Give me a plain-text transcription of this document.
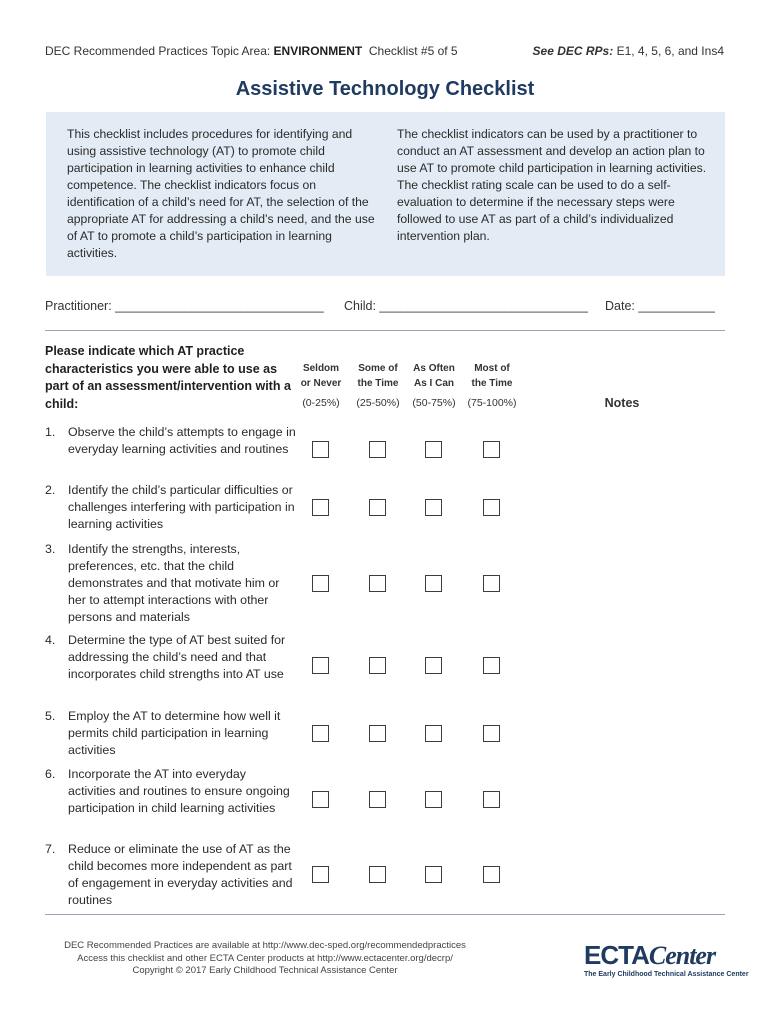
DEC Recommended Practices Topic Area: ENVIRONMENT Checklist #5 of 5	See DEC RPs: E1, 4, 5, 6, and Ins4
Assistive Technology Checklist
This checklist includes procedures for identifying and using assistive technology (AT) to promote child participation in learning activities to enhance child competence. The checklist indicators focus on identification of a child’s need for AT, the selection of the appropriate AT for addressing a child’s need, and the use of AT to promote a child’s participation in learning activities.
The checklist indicators can be used by a practitioner to conduct an AT assessment and develop an action plan to use AT to promote child participation in learning activities. The checklist rating scale can be used to do a self-evaluation to determine if the necessary steps were followed to use AT as part of a child’s individualized intervention plan.
Practitioner: ______________________________ Child: ______________________________ Date: ___________
Please indicate which AT practice characteristics you were able to use as part of an assessment/intervention with a child:
Seldom
or Never
(0-25%)
Some of
the Time
(25-50%)
As Often
As I Can
(50-75%)
Most of
the Time
(75-100%)	Notes
1. Observe the child’s attempts to engage in everyday learning activities and routines
2. Identify the child’s particular difficulties or challenges interfering with participation in learning activities
3. Identify the strengths, interests, preferences, etc. that the child demonstrates and that motivate him or her to attempt interactions with other persons and materials
4. Determine the type of AT best suited for addressing the child’s need and that incorporates child strengths into AT use
5. Employ the AT to determine how well it permits child participation in learning activities
6. Incorporate the AT into everyday activities and routines to ensure ongoing participation in child learning activities
7. Reduce or eliminate the use of AT as the child becomes more independent as part of engagement in everyday activities and routines
DEC Recommended Practices are available at http://www.dec-sped.org/recommendedpractices
Access this checklist and other ECTA Center products at http://www.ectacenter.org/decrp/
Copyright © 2017 Early Childhood Technical Assistance Center
ECTACenter
The Early Childhood Technical Assistance Center
